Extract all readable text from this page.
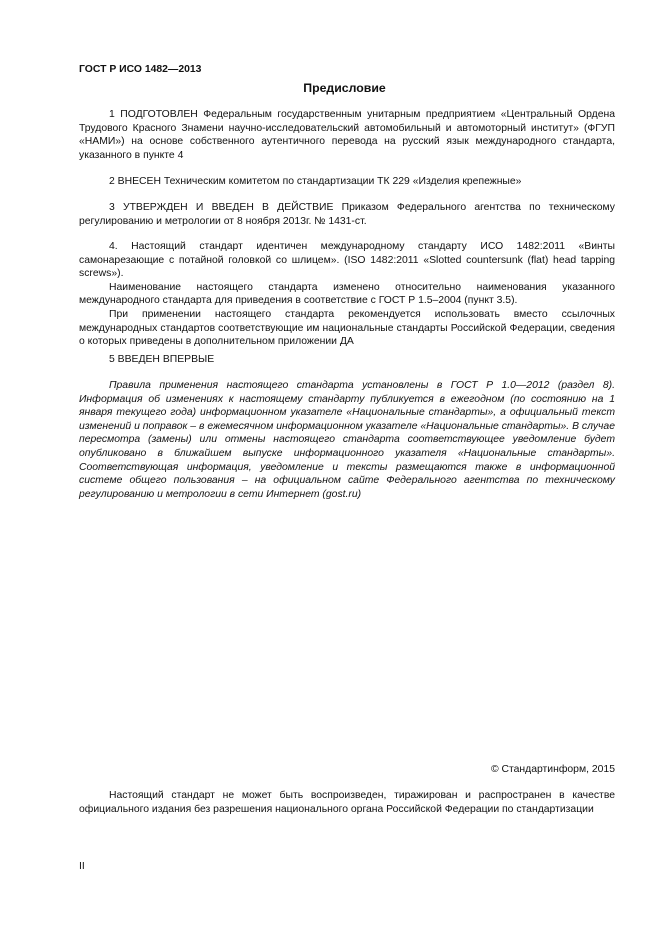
ГОСТ Р ИСО 1482—2013
Предисловие

1 ПОДГОТОВЛЕН Федеральным государственным унитарным предприятием «Центральный Ордена Трудового Красного Знамени научно-исследовательский автомобильный и автомоторный институт» (ФГУП «НАМИ») на основе собственного аутентичного перевода на русский язык международного стандарта, указанного в пункте 4

2 ВНЕСЕН Техническим комитетом по стандартизации ТК 229 «Изделия крепежные»

3 УТВЕРЖДЕН И ВВЕДЕН В ДЕЙСТВИЕ Приказом Федерального агентства по техническому регулированию и метрологии от 8 ноября 2013г. № 1431-ст.

4. Настоящий стандарт идентичен международному стандарту ИСО 1482:2011 «Винты самонарезающие с потайной головкой со шлицем». (ISO 1482:2011 «Slotted countersunk (flat) head tapping screws»).

Наименование настоящего стандарта изменено относительно наименования указанного международного стандарта для приведения в соответствие с ГОСТ Р 1.5–2004 (пункт 3.5).

При применении настоящего стандарта рекомендуется использовать вместо ссылочных международных стандартов соответствующие им национальные стандарты Российской Федерации, сведения о которых приведены в дополнительном приложении ДА

5 ВВЕДЕН ВПЕРВЫЕ

Правила применения настоящего стандарта установлены в ГОСТ Р 1.0—2012 (раздел 8). Информация об изменениях к настоящему стандарту публикуется в ежегодном (по состоянию на 1 января текущего года) информационном указателе «Национальные стандарты», а официальный текст изменений и поправок – в ежемесячном информационном указателе «Национальные стандарты». В случае пересмотра (замены) или отмены настоящего стандарта соответствующее уведомление будет опубликовано в ближайшем выпуске информационного указателя «Национальные стандарты». Соответствующая информация, уведомление и тексты размещаются также в информационной системе общего пользования – на официальном сайте Федерального агентства по техническому регулированию и метрологии в сети Интернет (gost.ru)

© Стандартинформ, 2015

Настоящий стандарт не может быть воспроизведен, тиражирован и распространен в качестве официального издания без разрешения национального органа Российской Федерации по стандартизации

II
